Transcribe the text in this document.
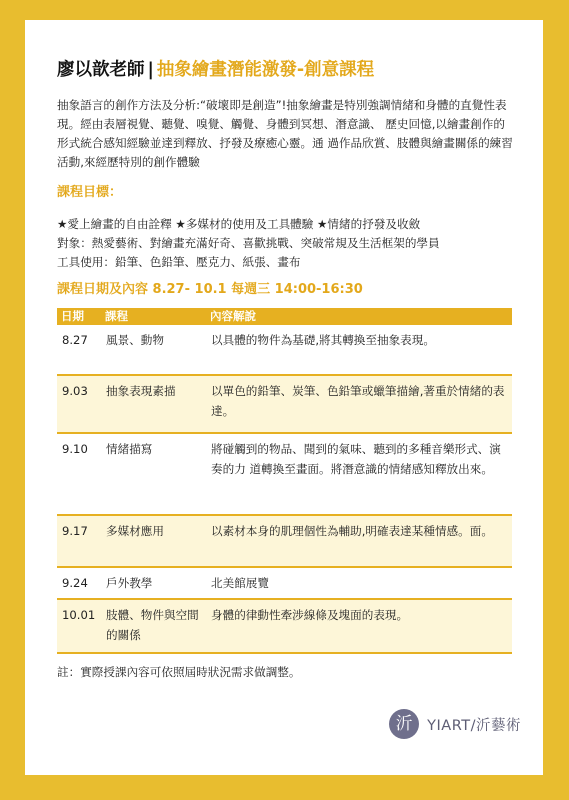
廖以歆老師 | 抽象繪畫潛能激發-創意課程
抽象語言的創作方法及分析:“破壞即是創造”!抽象繪畫是特別強調情緒和身體的直覺性表現。經由表層視覺、聽覺、嗅覺、觸覺、身體到冥想、潛意識、 歷史回憶,以繪畫創作的形式統合感知經驗並達到釋放、抒發及療癒心靈。通 過作品欣賞、肢體與繪畫關係的練習活動,來經歷特別的創作體驗
課程目標：
★愛上繪畫的自由詮釋 ★多媒材的使用及工具體驗 ★情緒的抒發及收斂
對象：熱愛藝術、對繪畫充滿好奇、喜歡挑戰、突破常規及生活框架的學員
工具使用：鉛筆、色鉛筆、壓克力、紙張、畫布
課程日期及內容 8.27- 10.1 每週三 14:00-16:30
日期	課程	內容解說
8.27	風景、動物	以具體的物件為基礎,將其轉換至抽象表現。
9.03	抽象表現素描	以單色的鉛筆、炭筆、色鉛筆或蠟筆描繪,著重於情緒的表 達。
9.10	情緒描寫	將碰觸到的物品、聞到的氣味、聽到的多種音樂形式、演奏的力 道轉換至畫面。將潛意識的情緒感知釋放出來。
9.17	多媒材應用	以素材本身的肌理個性為輔助,明確表達某種情感。面。
9.24	戶外教學	北美館展覽
10.01	肢體、物件與空間的關係	身體的律動性牽涉線條及塊面的表現。
註：實際授課內容可依照屆時狀況需求做調整。
沂	YIART/沂藝術
